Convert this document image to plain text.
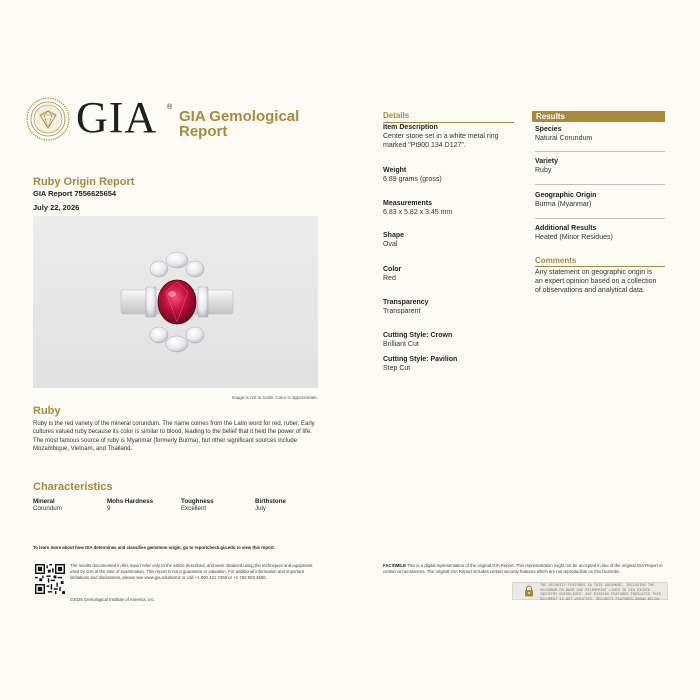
GIA ®
GIA Gemological Report
Ruby Origin Report
GIA Report 7556625654
July 22, 2026
Image is not to scale. Color is approximate.
Ruby
Ruby is the red variety of the mineral corundum. The name comes from the Latin word for red, ruber. Early cultures valued ruby because its color is similar to blood, leading to the belief that it held the power of life. The most famous source of ruby is Myanmar (formerly Burma), but other significant sources include Mozambique, Vietnam, and Thailand.
Characteristics
Mineral
Corundum
Mohs Hardness
9
Toughness
Excellent
Birthstone
July
Details
Item Description
Center stone set in a white metal ring marked "Pt900 134 D127".
Weight
6.89 grams (gross)
Measurements
6.83 x 5.82 x 3.45 mm
Shape
Oval
Color
Red
Transparency
Transparent
Cutting Style: Crown
Brilliant Cut
Cutting Style: Pavilion
Step Cut
Results
Species
Natural Corundum
Variety
Ruby
Geographic Origin
Burma (Myanmar)
Additional Results
Heated (Minor Residues)
Comments
Any statement on geographic origin is an expert opinion based on a collection of observations and analytical data.
To learn more about how GIA determines and classifies gemstone origin, go to reportcheck.gia.edu to view this report.
The results documented in this report refer only to the article described, and were obtained using the techniques and equipment used by GIA at the time of examination. This report is not a guarantee or valuation. For additional information and important limitations and disclaimers, please see www.gia.edu/terms or call +1 800 421 7250 or +1 760 603 4500.
©2025 Gemological Institute of America, Inc.
FACSIMILE This is a digital representation of the original GIA Report. This representation might not be accepted in lieu of the original GIA Report in certain circumstances. The original GIA Report includes certain security features which are not reproducible on this facsimile.
THE SECURITY FEATURES IN THIS DOCUMENT, INCLUDING THE HOLOGRAM ON BACK AND MICROPRINT LINES IN GIA EXCEED INDUSTRY GUIDELINES. ANY MISSING FEATURES INDICATES THIS DOCUMENT IS NOT VERIFIED. SECURITY FEATURES SHOWN BELOW:
